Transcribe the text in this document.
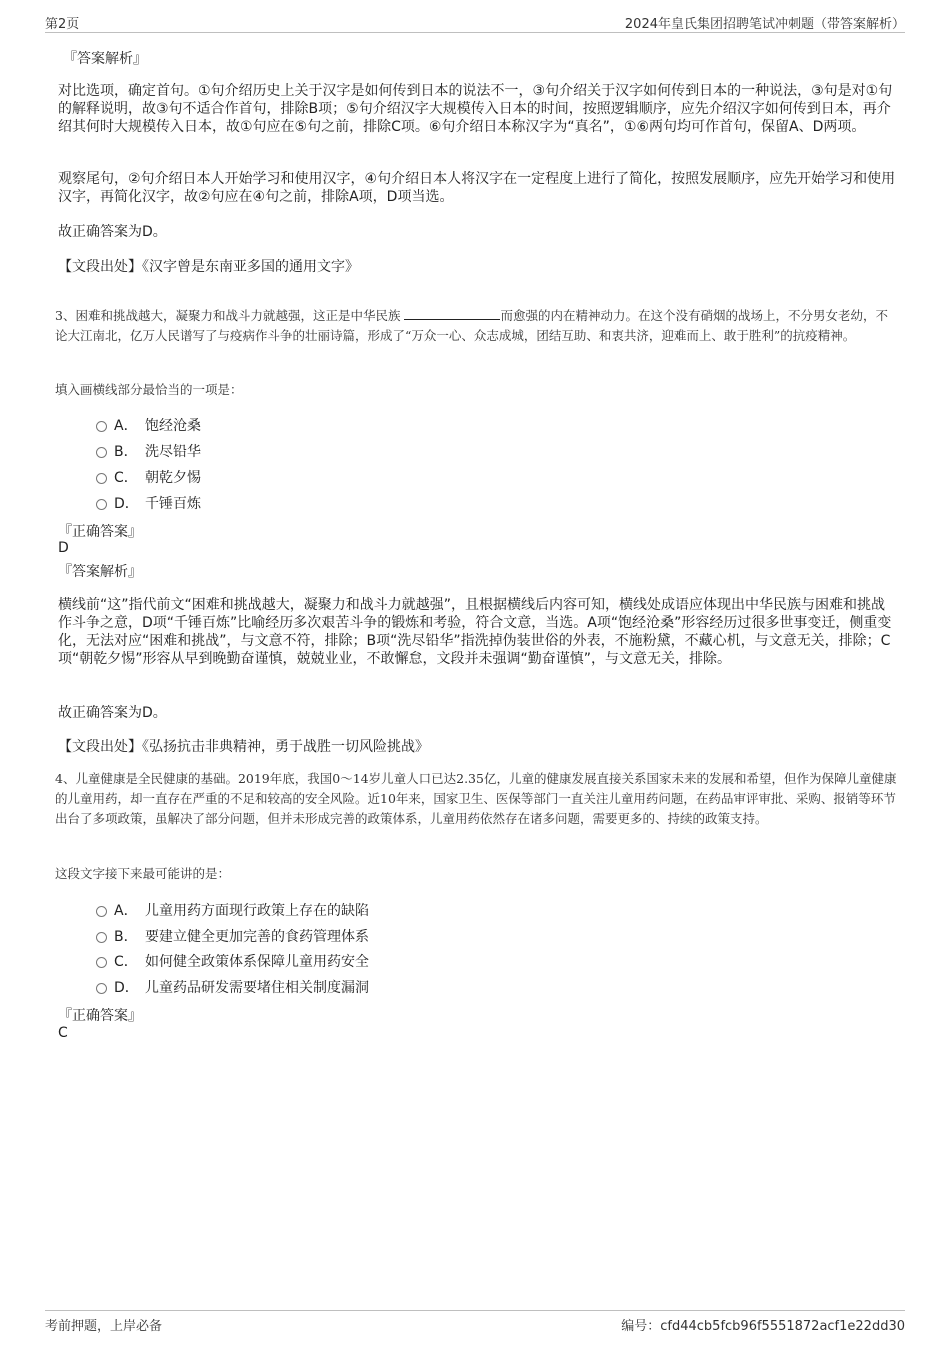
第2页	2024年皇氏集团招聘笔试冲刺题（带答案解析）
『答案解析』
对比选项，确定首句。①句介绍历史上关于汉字是如何传到日本的说法不一，③句介绍关于汉字如何传到日本的一种说法，③句是对①句的解释说明，故③句不适合作首句，排除B项；⑤句介绍汉字大规模传入日本的时间，按照逻辑顺序，应先介绍汉字如何传到日本，再介绍其何时大规模传入日本，故①句应在⑤句之前，排除C项。⑥句介绍日本称汉字为“真名”，①⑥两句均可作首句，保留A、D两项。
观察尾句，②句介绍日本人开始学习和使用汉字，④句介绍日本人将汉字在一定程度上进行了简化，按照发展顺序，应先开始学习和使用汉字，再简化汉字，故②句应在④句之前，排除A项，D项当选。
故正确答案为D。
【文段出处】《汉字曾是东南亚多国的通用文字》
3、困难和挑战越大，凝聚力和战斗力就越强，这正是中华民族	而愈强的内在精神动力。在这个没有硝烟的战场上，不分男女老幼，不论大江南北，亿万人民谱写了与疫病作斗争的壮丽诗篇，形成了“万众一心、众志成城，团结互助、和衷共济，迎难而上、敢于胜利”的抗疫精神。
填入画横线部分最恰当的一项是：
A． 饱经沧桑
B． 洗尽铅华
C． 朝乾夕惕
D． 千锤百炼
『正确答案』
D
『答案解析』
横线前“这”指代前文“困难和挑战越大，凝聚力和战斗力就越强”，且根据横线后内容可知，横线处成语应体现出中华民族与困难和挑战作斗争之意，D项“千锤百炼”比喻经历多次艰苦斗争的锻炼和考验，符合文意，当选。A项“饱经沧桑”形容经历过很多世事变迁，侧重变化，无法对应“困难和挑战”，与文意不符，排除；B项“洗尽铅华”指洗掉伪装世俗的外表，不施粉黛，不藏心机，与文意无关，排除；C项“朝乾夕惕”形容从早到晚勤奋谨慎，兢兢业业，不敢懈怠，文段并未强调“勤奋谨慎”，与文意无关，排除。
故正确答案为D。
【文段出处】《弘扬抗击非典精神，勇于战胜一切风险挑战》
4、儿童健康是全民健康的基础。2019年底，我国0～14岁儿童人口已达2.35亿，儿童的健康发展直接关系国家未来的发展和希望，但作为保障儿童健康的儿童用药，却一直存在严重的不足和较高的安全风险。近10年来，国家卫生、医保等部门一直关注儿童用药问题，在药品审评审批、采购、报销等环节出台了多项政策，虽解决了部分问题，但并未形成完善的政策体系，儿童用药依然存在诸多问题，需要更多的、持续的政策支持。
这段文字接下来最可能讲的是：
A． 儿童用药方面现行政策上存在的缺陷
B． 要建立健全更加完善的食药管理体系
C． 如何健全政策体系保障儿童用药安全
D． 儿童药品研发需要堵住相关制度漏洞
『正确答案』
C
考前押题，上岸必备	编号：cfd44cb5fcb96f5551872acf1e22dd30
